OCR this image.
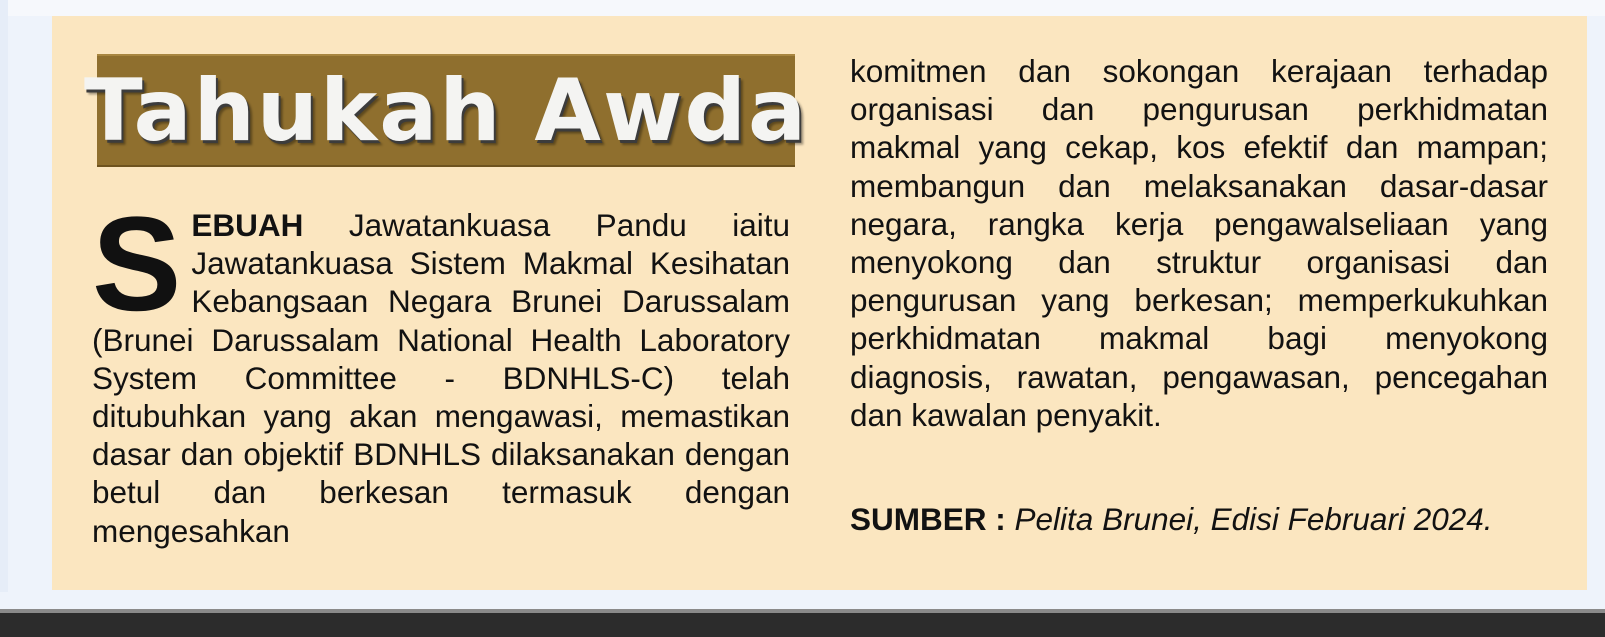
Tahukah Awda
S EBUAH Jawatankuasa Pandu iaitu Jawatankuasa Sistem Makmal Kesihatan Kebangsaan Negara Brunei Darussalam (Brunei Darussalam National Health Laboratory System Committee - BDNHLS-C) telah ditubuhkan yang akan mengawasi, memastikan dasar dan objektif BDNHLS dilaksanakan dengan betul dan berkesan termasuk dengan mengesahkan
komitmen dan sokongan kerajaan terhadap organisasi dan pengurusan perkhidmatan makmal yang cekap, kos efektif dan mampan; membangun dan melaksanakan dasar-dasar negara, rangka kerja pengawalseliaan yang menyokong dan struktur organisasi dan pengurusan yang berkesan; memperkukuhkan perkhidmatan makmal bagi menyokong diagnosis, rawatan, pengawasan, pencegahan dan kawalan penyakit.
SUMBER : Pelita Brunei, Edisi Februari 2024.
